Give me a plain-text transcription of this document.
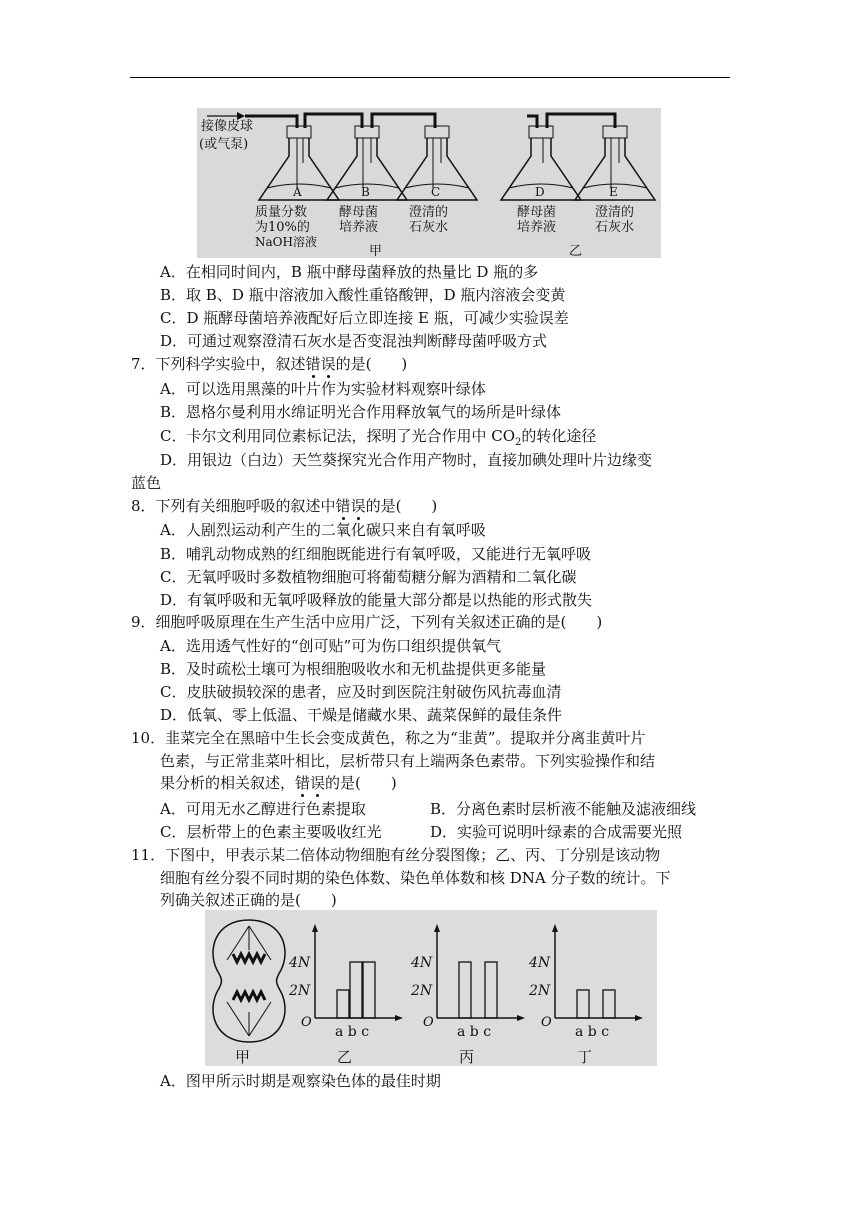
接像皮球
(或气泵)
A	B	C	D	E
质量分数
为10%的
NaOH溶液
酵母菌
培养液
澄清的
石灰水
酵母菌
培养液
澄清的
石灰水
甲	乙
A．在相同时间内，B 瓶中酵母菌释放的热量比 D 瓶的多
B．取 B、D 瓶中溶液加入酸性重铬酸钾，D 瓶内溶液会变黄
C．D 瓶酵母菌培养液配好后立即连接 E 瓶，可减少实验误差
D．可通过观察澄清石灰水是否变混浊判断酵母菌呼吸方式
7．下列科学实验中，叙述错误的是(　　)
A．可以选用黑藻的叶片作为实验材料观察叶绿体
B．恩格尔曼利用水绵证明光合作用释放氧气的场所是叶绿体
C．卡尔文利用同位素标记法，探明了光合作用中 $CO_2$的转化途径
D．用银边（白边）天竺葵探究光合作用产物时，直接加碘处理叶片边缘变
蓝色
8．下列有关细胞呼吸的叙述中错误的是(　　)
A．人剧烈运动利产生的二氧化碳只来自有氧呼吸
B．哺乳动物成熟的红细胞既能进行有氧呼吸，又能进行无氧呼吸
C．无氧呼吸时多数植物细胞可将葡萄糖分解为酒精和二氧化碳
D．有氧呼吸和无氧呼吸释放的能量大部分都是以热能的形式散失
9．细胞呼吸原理在生产生活中应用广泛，下列有关叙述正确的是(　　)
A．选用透气性好的“创可贴”可为伤口组织提供氧气
B．及时疏松土壤可为根细胞吸收水和无机盐提供更多能量
C．皮肤破损较深的患者，应及时到医院注射破伤风抗毒血清
D．低氧、零上低温、干燥是储藏水果、蔬菜保鲜的最佳条件
10．韭菜完全在黑暗中生长会变成黄色，称之为“韭黄”。提取并分离韭黄叶片
色素，与正常韭菜叶相比，层析带只有上端两条色素带。下列实验操作和结
果分析的相关叙述，错误的是(　　)
A．可用无水乙醇进行色素提取	B．分离色素时层析液不能触及滤液细线
C．层析带上的色素主要吸收红光	D．实验可说明叶绿素的合成需要光照
11．下图中，甲表示某二倍体动物细胞有丝分裂图像；乙、丙、丁分别是该动物
细胞有丝分裂不同时期的染色体数、染色单体数和核 DNA 分子数的统计。下
列确关叙述正确的是(　　)
甲
4N
2N
O
a b c
乙
4N
2N
O
a b c
丙
4N
2N
O
a b c
丁
A．图甲所示时期是观察染色体的最佳时期
